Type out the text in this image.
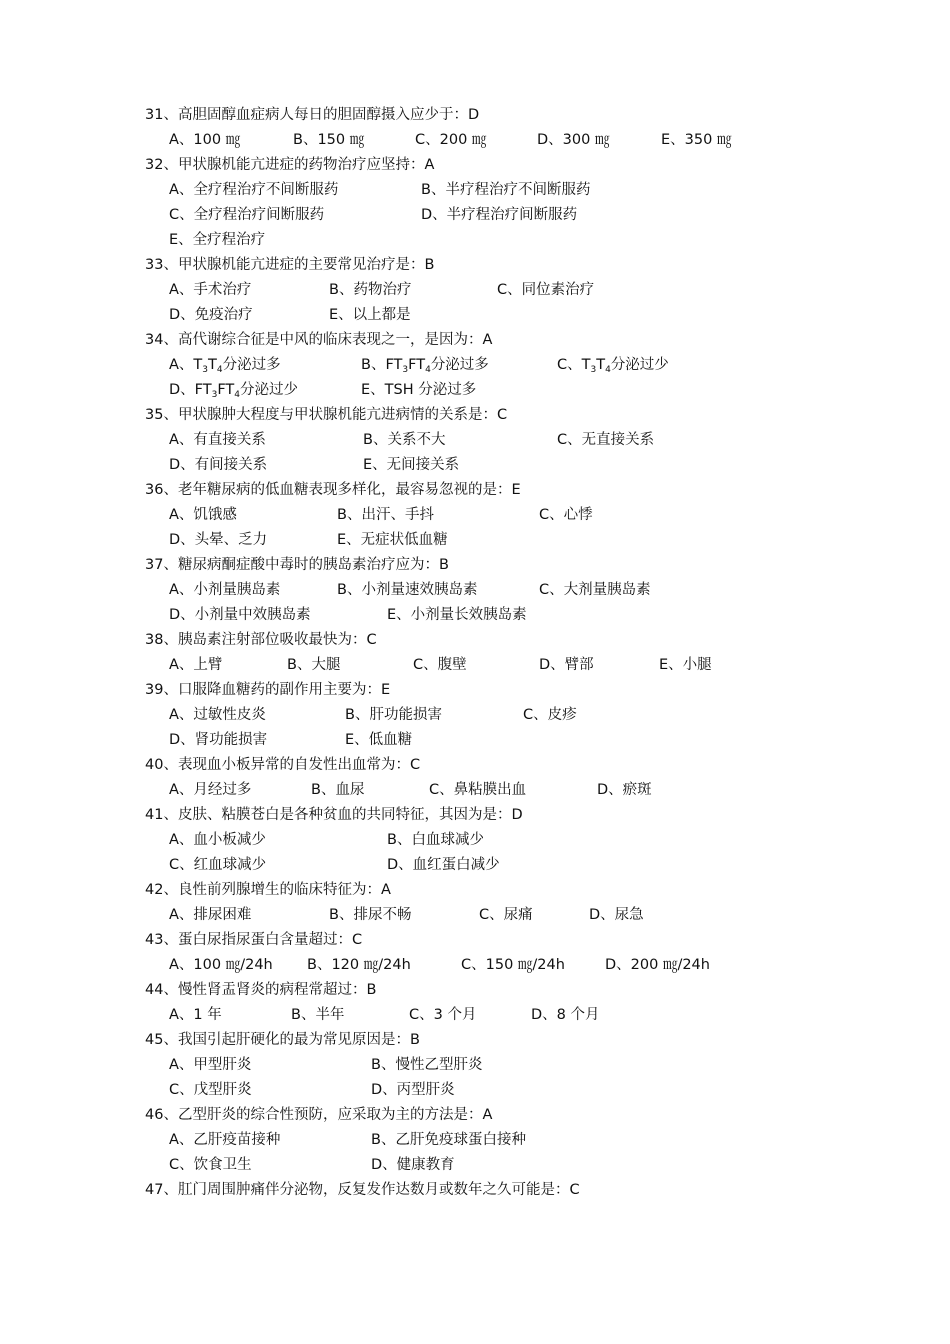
31、高胆固醇血症病人每日的胆固醇摄入应少于：D
A、100 ㎎	B、150 ㎎	C、200 ㎎	D、300 ㎎	E、350 ㎎
32、甲状腺机能亢进症的药物治疗应坚持：A
A、全疗程治疗不间断服药	B、半疗程治疗不间断服药
C、全疗程治疗间断服药	D、半疗程治疗间断服药
E、全疗程治疗
33、甲状腺机能亢进症的主要常见治疗是：B
A、手术治疗	B、药物治疗	C、同位素治疗
D、免疫治疗	E、以上都是
34、高代谢综合征是中风的临床表现之一，是因为：A
A、$T_3T_4$分泌过多	B、$FT_3FT_4$分泌过多	C、$T_3T_4$分泌过少
D、$FT_3FT_4$分泌过少	E、TSH 分泌过多
35、甲状腺肿大程度与甲状腺机能亢进病情的关系是：C
A、有直接关系	B、关系不大	C、无直接关系
D、有间接关系	E、无间接关系
36、老年糖尿病的低血糖表现多样化，最容易忽视的是：E
A、饥饿感	B、出汗、手抖	C、心悸
D、头晕、乏力	E、无症状低血糖
37、糖尿病酮症酸中毒时的胰岛素治疗应为：B
A、小剂量胰岛素	B、小剂量速效胰岛素	C、大剂量胰岛素
D、小剂量中效胰岛素	E、小剂量长效胰岛素
38、胰岛素注射部位吸收最快为：C
A、上臂	B、大腿	C、腹壁	D、臂部	E、小腿
39、口服降血糖药的副作用主要为：E
A、过敏性皮炎	B、肝功能损害	C、皮疹
D、肾功能损害	E、低血糖
40、表现血小板异常的自发性出血常为：C
A、月经过多	B、血尿	C、鼻粘膜出血	D、瘀斑
41、皮肤、粘膜苍白是各种贫血的共同特征，其因为是：D
A、血小板减少	B、白血球减少
C、红血球减少	D、血红蛋白减少
42、良性前列腺增生的临床特征为：A
A、排尿困难	B、排尿不畅	C、尿痛	D、尿急
43、蛋白尿指尿蛋白含量超过：C
A、100 ㎎/24h B、120 ㎎/24h	C、150 ㎎/24h	D、200 ㎎/24h
44、慢性肾盂肾炎的病程常超过：B
A、1 年	B、半年	C、3 个月	D、8 个月
45、我国引起肝硬化的最为常见原因是：B
A、甲型肝炎	B、慢性乙型肝炎
C、戊型肝炎	D、丙型肝炎
46、乙型肝炎的综合性预防，应采取为主的方法是：A
A、乙肝疫苗接种	B、乙肝免疫球蛋白接种
C、饮食卫生	D、健康教育
47、肛门周围肿痛伴分泌物，反复发作达数月或数年之久可能是：C
